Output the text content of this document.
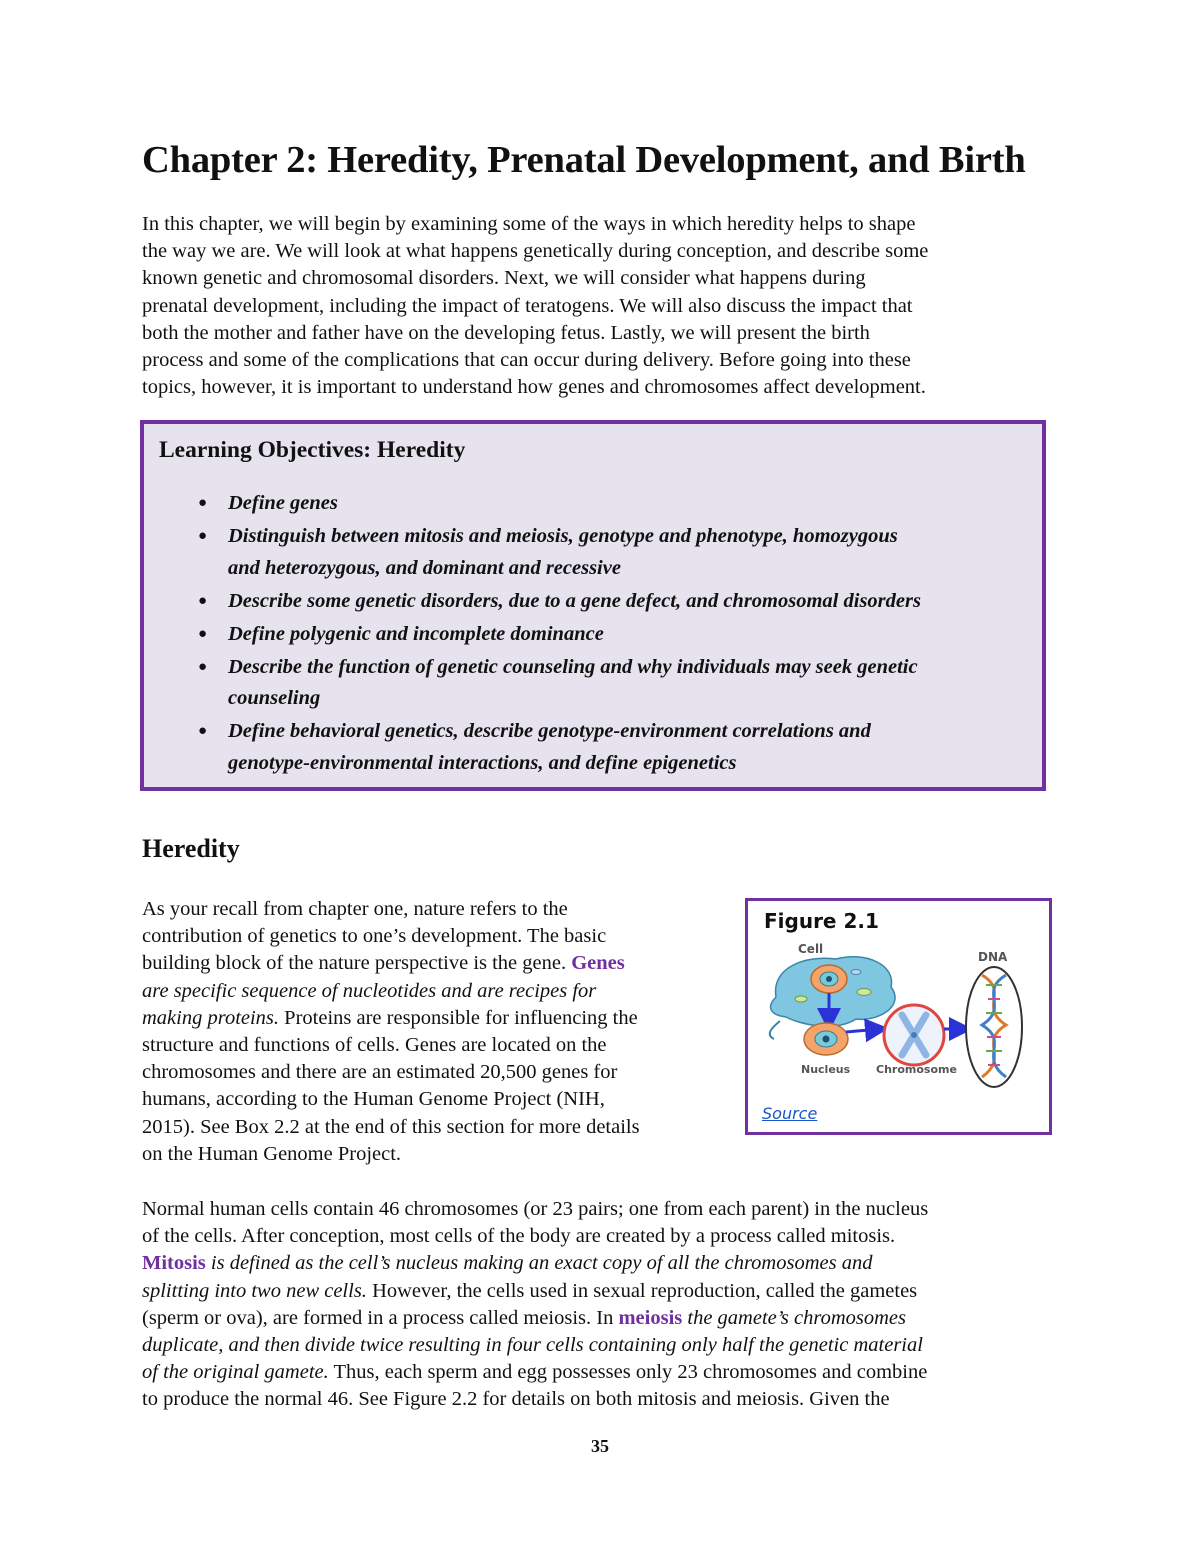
Chapter 2: Heredity, Prenatal Development, and Birth
In this chapter, we will begin by examining some of the ways in which heredity helps to shape
the way we are. We will look at what happens genetically during conception, and describe some
known genetic and chromosomal disorders. Next, we will consider what happens during
prenatal development, including the impact of teratogens. We will also discuss the impact that
both the mother and father have on the developing fetus. Lastly, we will present the birth
process and some of the complications that can occur during delivery. Before going into these
topics, however, it is important to understand how genes and chromosomes affect development.
Learning Objectives: Heredity
● Define genes
● Distinguish between mitosis and meiosis, genotype and phenotype, homozygous
and heterozygous, and dominant and recessive
● Describe some genetic disorders, due to a gene defect, and chromosomal disorders
● Define polygenic and incomplete dominance
● Describe the function of genetic counseling and why individuals may seek genetic
counseling
● Define behavioral genetics, describe genotype-environment correlations and
genotype-environmental interactions, and define epigenetics
Heredity
As your recall from chapter one, nature refers to the
contribution of genetics to one’s development. The basic
building block of the nature perspective is the gene. Genes
are specific sequence of nucleotides and are recipes for
making proteins. Proteins are responsible for influencing the
structure and functions of cells. Genes are located on the
chromosomes and there are an estimated 20,500 genes for
humans, according to the Human Genome Project (NIH,
2015). See Box 2.2 at the end of this section for more details
on the Human Genome Project.
Figure 2.1
Cell
Nucleus Chromosome
DNA
Source
Normal human cells contain 46 chromosomes (or 23 pairs; one from each parent) in the nucleus
of the cells. After conception, most cells of the body are created by a process called mitosis.
Mitosis is defined as the cell’s nucleus making an exact copy of all the chromosomes and
splitting into two new cells. However, the cells used in sexual reproduction, called the gametes
(sperm or ova), are formed in a process called meiosis. In meiosis the gamete’s chromosomes
duplicate, and then divide twice resulting in four cells containing only half the genetic material
of the original gamete. Thus, each sperm and egg possesses only 23 chromosomes and combine
to produce the normal 46. See Figure 2.2 for details on both mitosis and meiosis. Given the
35
